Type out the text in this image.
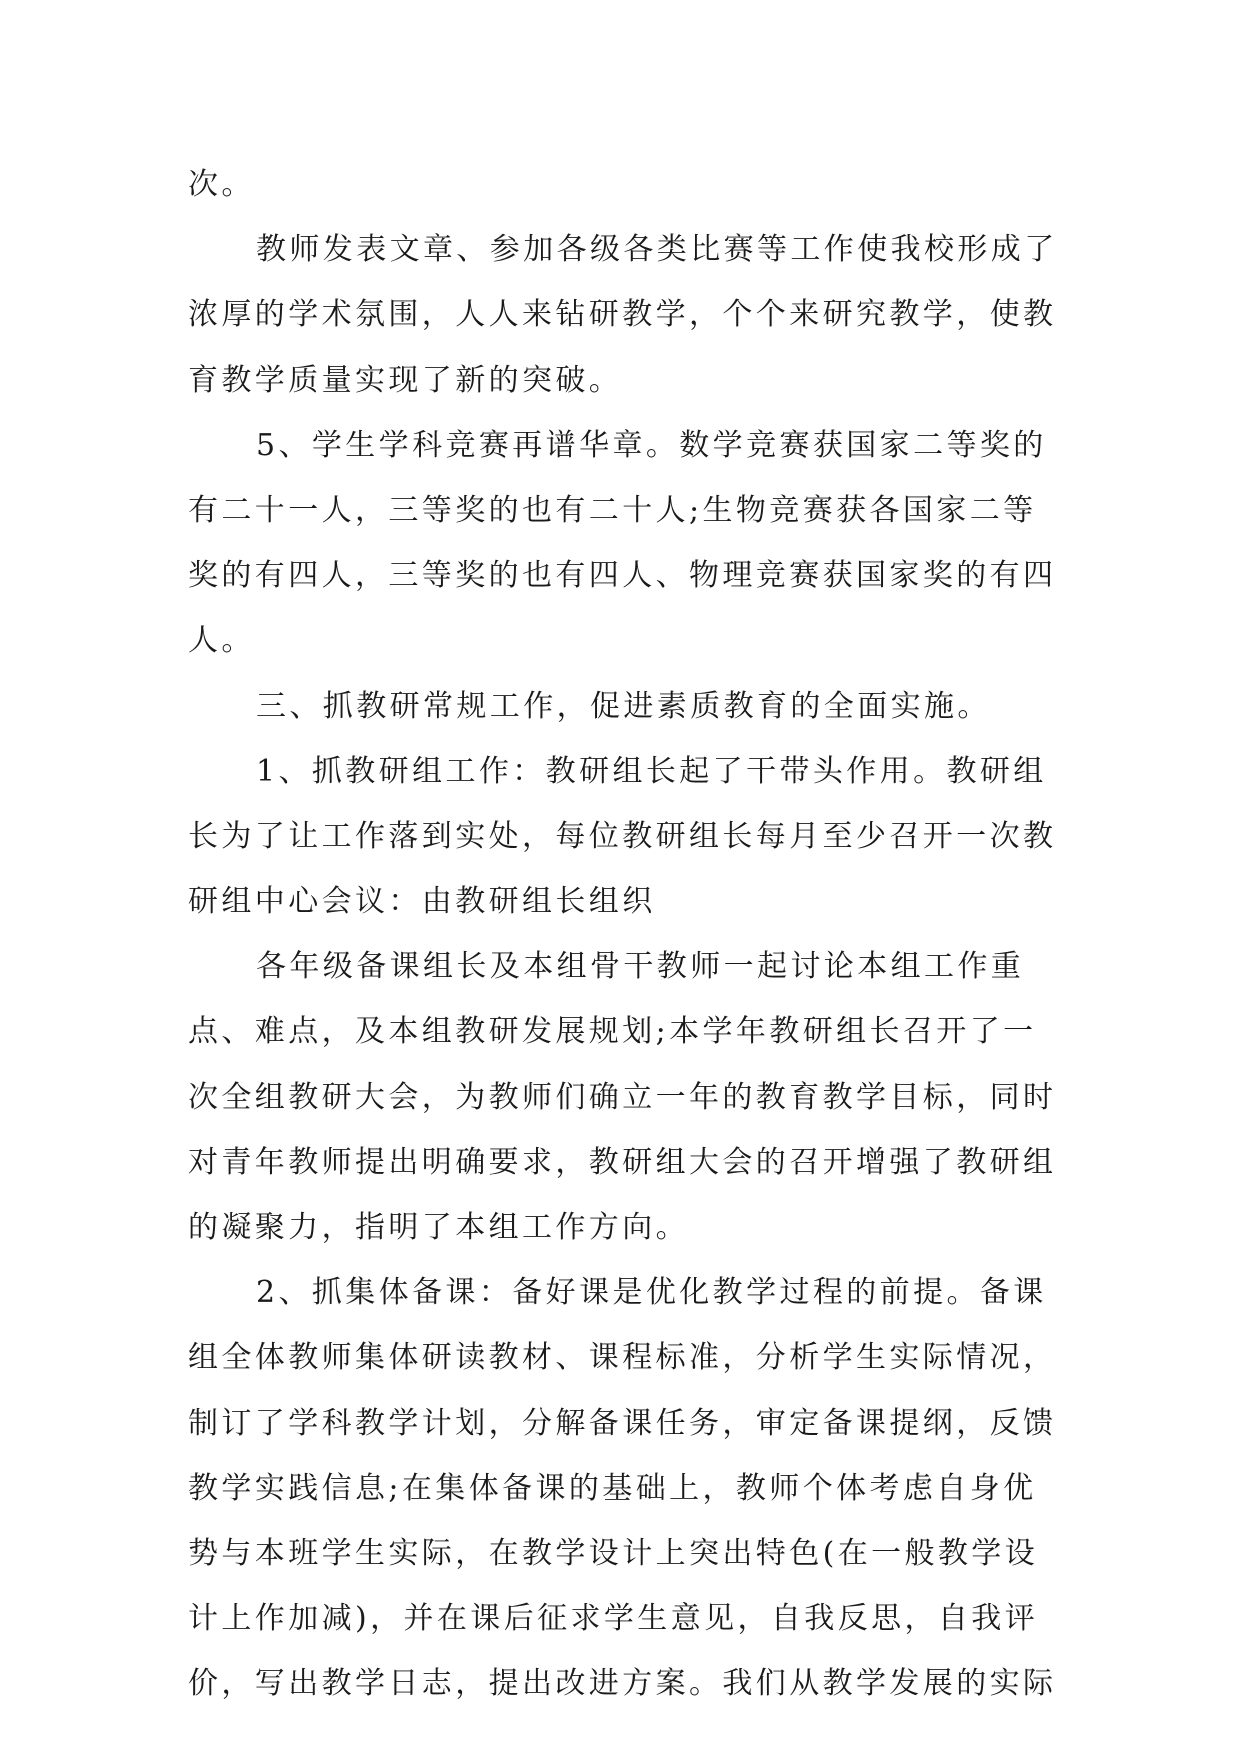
次。
教师发表文章、参加各级各类比赛等工作使我校形成了
浓厚的学术氛围，人人来钻研教学，个个来研究教学，使教
育教学质量实现了新的突破。
5、学生学科竞赛再谱华章。数学竞赛获国家二等奖的
有二十一人，三等奖的也有二十人;生物竞赛获各国家二等
奖的有四人，三等奖的也有四人、物理竞赛获国家奖的有四
人。
三、抓教研常规工作，促进素质教育的全面实施。
1、抓教研组工作：教研组长起了干带头作用。教研组
长为了让工作落到实处，每位教研组长每月至少召开一次教
研组中心会议：由教研组长组织
各年级备课组长及本组骨干教师一起讨论本组工作重
点、难点，及本组教研发展规划;本学年教研组长召开了一
次全组教研大会，为教师们确立一年的教育教学目标，同时
对青年教师提出明确要求，教研组大会的召开增强了教研组
的凝聚力，指明了本组工作方向。
2、抓集体备课：备好课是优化教学过程的前提。备课
组全体教师集体研读教材、课程标准，分析学生实际情况，
制订了学科教学计划，分解备课任务，审定备课提纲，反馈
教学实践信息;在集体备课的基础上，教师个体考虑自身优
势与本班学生实际，在教学设计上突出特色(在一般教学设
计上作加减)，并在课后征求学生意见，自我反思，自我评
价，写出教学日志，提出改进方案。我们从教学发展的实际
